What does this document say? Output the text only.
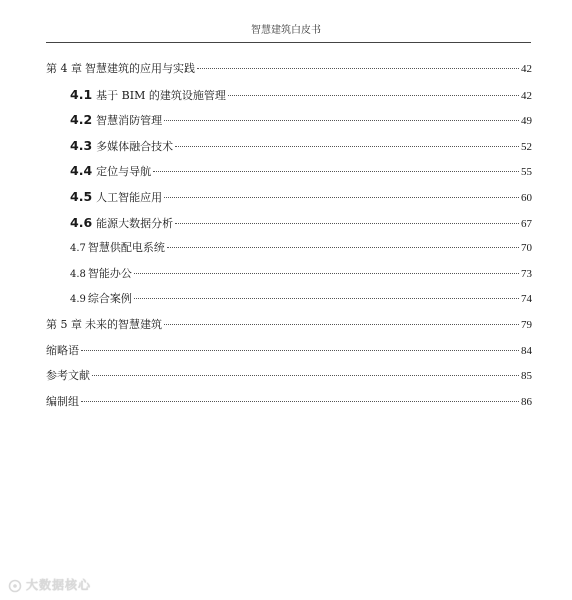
智慧建筑白皮书
第 4 章 智慧建筑的应用与实践	42
4.1 基于 BIM 的建筑设施管理	42
4.2 智慧消防管理	49
4.3 多媒体融合技术	52
4.4 定位与导航	55
4.5 人工智能应用	60
4.6 能源大数据分析	67
4.7 智慧供配电系统	70
4.8 智能办公	73
4.9 综合案例	74
第 5 章 未来的智慧建筑	79
缩略语	84
参考文献	85
编制组	86
大数据核心
